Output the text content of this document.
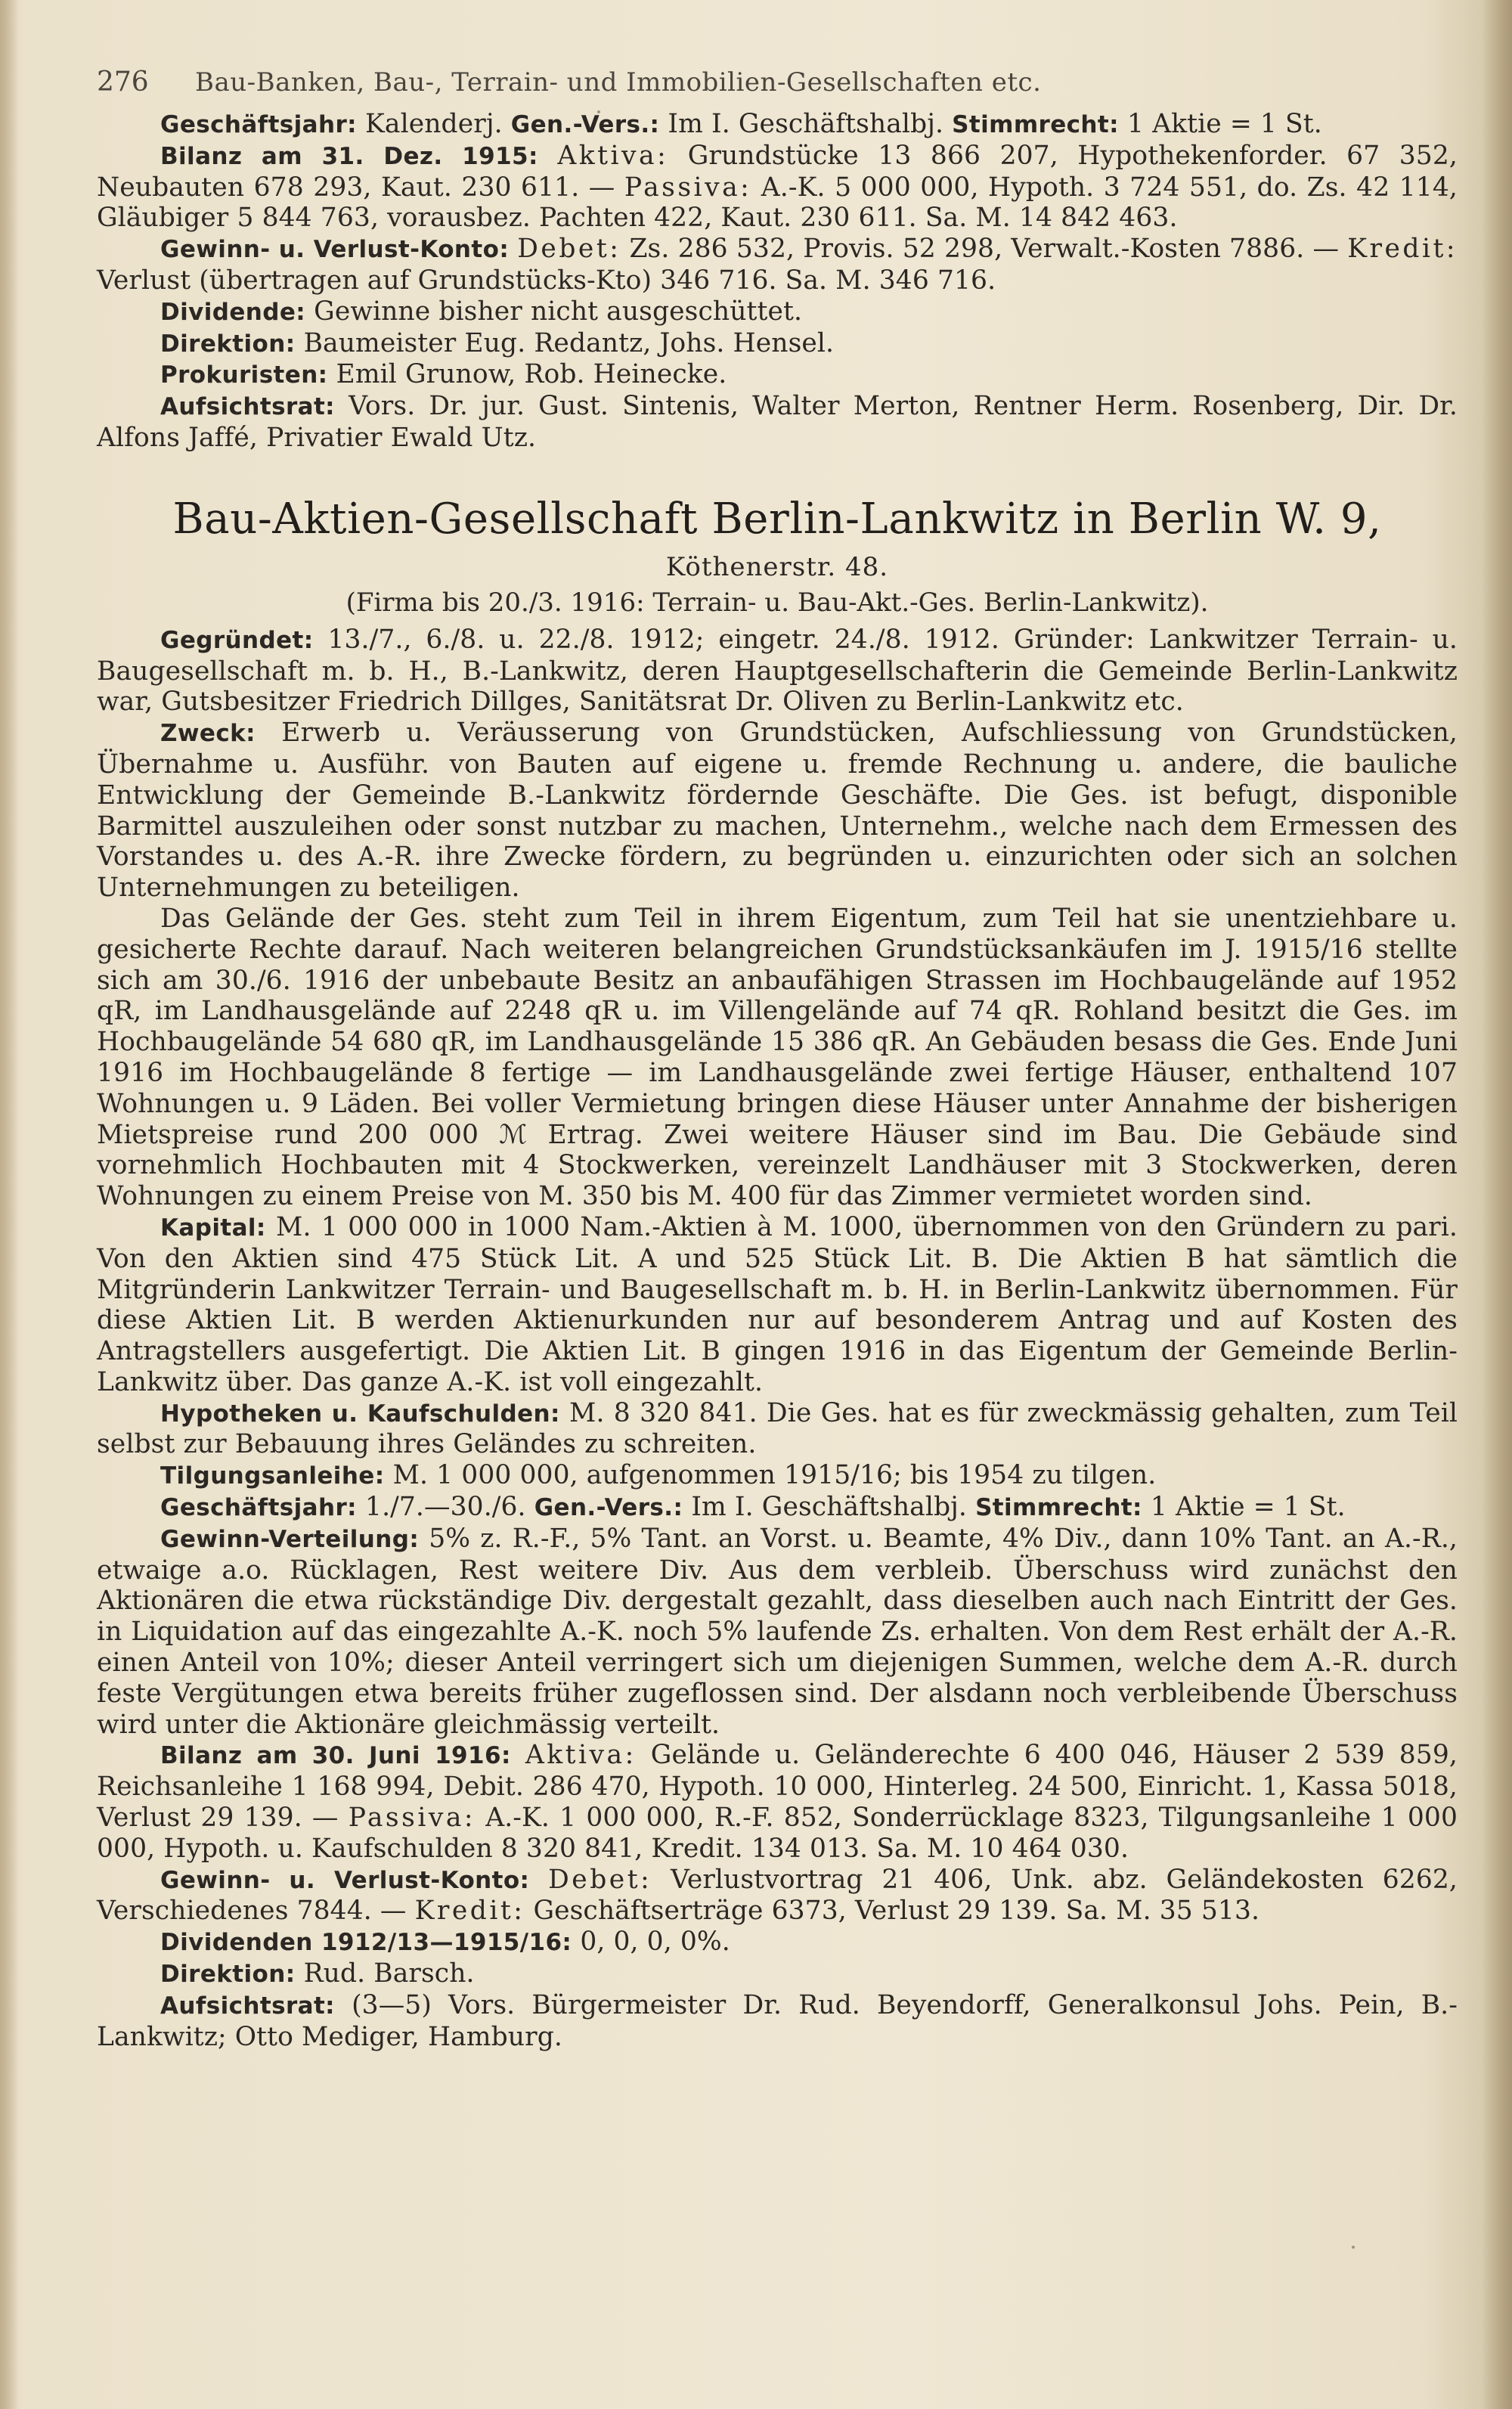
276	Bau-Banken, Bau-, Terrain- und Immobilien-Gesellschaften etc.

Geschäftsjahr: Kalenderj. Gen.-Vers.: Im I. Geschäftshalbj. Stimmrecht: 1 Aktie = 1 St.

Bilanz am 31. Dez. 1915: Aktiva: Grundstücke 13 866 207, Hypothekenforder. 67 352, Neubauten 678 293, Kaut. 230 611. — Passiva: A.-K. 5 000 000, Hypoth. 3 724 551, do. Zs. 42 114, Gläubiger 5 844 763, vorausbez. Pachten 422, Kaut. 230 611. Sa. M. 14 842 463.

Gewinn- u. Verlust-Konto: Debet: Zs. 286 532, Provis. 52 298, Verwalt.-Kosten 7886. — Kredit: Verlust (übertragen auf Grundstücks-Kto) 346 716. Sa. M. 346 716.

Dividende: Gewinne bisher nicht ausgeschüttet.

Direktion: Baumeister Eug. Redantz, Johs. Hensel.

Prokuristen: Emil Grunow, Rob. Heinecke.

Aufsichtsrat: Vors. Dr. jur. Gust. Sintenis, Walter Merton, Rentner Herm. Rosenberg, Dir. Dr. Alfons Jaffé, Privatier Ewald Utz.

Bau-Aktien-Gesellschaft Berlin-Lankwitz in Berlin W. 9,
Köthenerstr. 48.
(Firma bis 20./3. 1916: Terrain- u. Bau-Akt.-Ges. Berlin-Lankwitz).

Gegründet: 13./7., 6./8. u. 22./8. 1912; eingetr. 24./8. 1912. Gründer: Lankwitzer Terrain- u. Baugesellschaft m. b. H., B.-Lankwitz, deren Hauptgesellschafterin die Gemeinde Berlin-Lankwitz war, Gutsbesitzer Friedrich Dillges, Sanitätsrat Dr. Oliven zu Berlin-Lankwitz etc.

Zweck: Erwerb u. Veräusserung von Grundstücken, Aufschliessung von Grundstücken, Übernahme u. Ausführ. von Bauten auf eigene u. fremde Rechnung u. andere, die bauliche Entwicklung der Gemeinde B.-Lankwitz fördernde Geschäfte. Die Ges. ist befugt, disponible Barmittel auszuleihen oder sonst nutzbar zu machen, Unternehm., welche nach dem Ermessen des Vorstandes u. des A.-R. ihre Zwecke fördern, zu begründen u. einzurichten oder sich an solchen Unternehmungen zu beteiligen.

Das Gelände der Ges. steht zum Teil in ihrem Eigentum, zum Teil hat sie unentziehbare u. gesicherte Rechte darauf. Nach weiteren belangreichen Grundstücksankäufen im J. 1915/16 stellte sich am 30./6. 1916 der unbebaute Besitz an anbaufähigen Strassen im Hochbaugelände auf 1952 qR, im Landhausgelände auf 2248 qR u. im Villengelände auf 74 qR. Rohland besitzt die Ges. im Hochbaugelände 54 680 qR, im Landhausgelände 15 386 qR. An Gebäuden besass die Ges. Ende Juni 1916 im Hochbaugelände 8 fertige — im Landhausgelände zwei fertige Häuser, enthaltend 107 Wohnungen u. 9 Läden. Bei voller Vermietung bringen diese Häuser unter Annahme der bisherigen Mietspreise rund 200 000 ℳ Ertrag. Zwei weitere Häuser sind im Bau. Die Gebäude sind vornehmlich Hochbauten mit 4 Stockwerken, vereinzelt Landhäuser mit 3 Stockwerken, deren Wohnungen zu einem Preise von M. 350 bis M. 400 für das Zimmer vermietet worden sind.

Kapital: M. 1 000 000 in 1000 Nam.-Aktien à M. 1000, übernommen von den Gründern zu pari. Von den Aktien sind 475 Stück Lit. A und 525 Stück Lit. B. Die Aktien B hat sämtlich die Mitgründerin Lankwitzer Terrain- und Baugesellschaft m. b. H. in Berlin-Lankwitz übernommen. Für diese Aktien Lit. B werden Aktienurkunden nur auf besonderem Antrag und auf Kosten des Antragstellers ausgefertigt. Die Aktien Lit. B gingen 1916 in das Eigentum der Gemeinde Berlin-Lankwitz über. Das ganze A.-K. ist voll eingezahlt.

Hypotheken u. Kaufschulden: M. 8 320 841. Die Ges. hat es für zweckmässig gehalten, zum Teil selbst zur Bebauung ihres Geländes zu schreiten.

Tilgungsanleihe: M. 1 000 000, aufgenommen 1915/16; bis 1954 zu tilgen.

Geschäftsjahr: 1./7.—30./6. Gen.-Vers.: Im I. Geschäftshalbj. Stimmrecht: 1 Aktie = 1 St.

Gewinn-Verteilung: 5% z. R.-F., 5% Tant. an Vorst. u. Beamte, 4% Div., dann 10% Tant. an A.-R., etwaige a.o. Rücklagen, Rest weitere Div. Aus dem verbleib. Überschuss wird zunächst den Aktionären die etwa rückständige Div. dergestalt gezahlt, dass dieselben auch nach Eintritt der Ges. in Liquidation auf das eingezahlte A.-K. noch 5% laufende Zs. erhalten. Von dem Rest erhält der A.-R. einen Anteil von 10%; dieser Anteil verringert sich um diejenigen Summen, welche dem A.-R. durch feste Vergütungen etwa bereits früher zugeflossen sind. Der alsdann noch verbleibende Überschuss wird unter die Aktionäre gleichmässig verteilt.

Bilanz am 30. Juni 1916: Aktiva: Gelände u. Geländerechte 6 400 046, Häuser 2 539 859, Reichsanleihe 1 168 994, Debit. 286 470, Hypoth. 10 000, Hinterleg. 24 500, Einricht. 1, Kassa 5018, Verlust 29 139. — Passiva: A.-K. 1 000 000, R.-F. 852, Sonderrücklage 8323, Tilgungsanleihe 1 000 000, Hypoth. u. Kaufschulden 8 320 841, Kredit. 134 013. Sa. M. 10 464 030.

Gewinn- u. Verlust-Konto: Debet: Verlustvortrag 21 406, Unk. abz. Geländekosten 6262, Verschiedenes 7844. — Kredit: Geschäftserträge 6373, Verlust 29 139. Sa. M. 35 513.

Dividenden 1912/13—1915/16: 0, 0, 0, 0%.

Direktion: Rud. Barsch.

Aufsichtsrat: (3—5) Vors. Bürgermeister Dr. Rud. Beyendorff, Generalkonsul Johs. Pein, B.-Lankwitz; Otto Mediger, Hamburg.
